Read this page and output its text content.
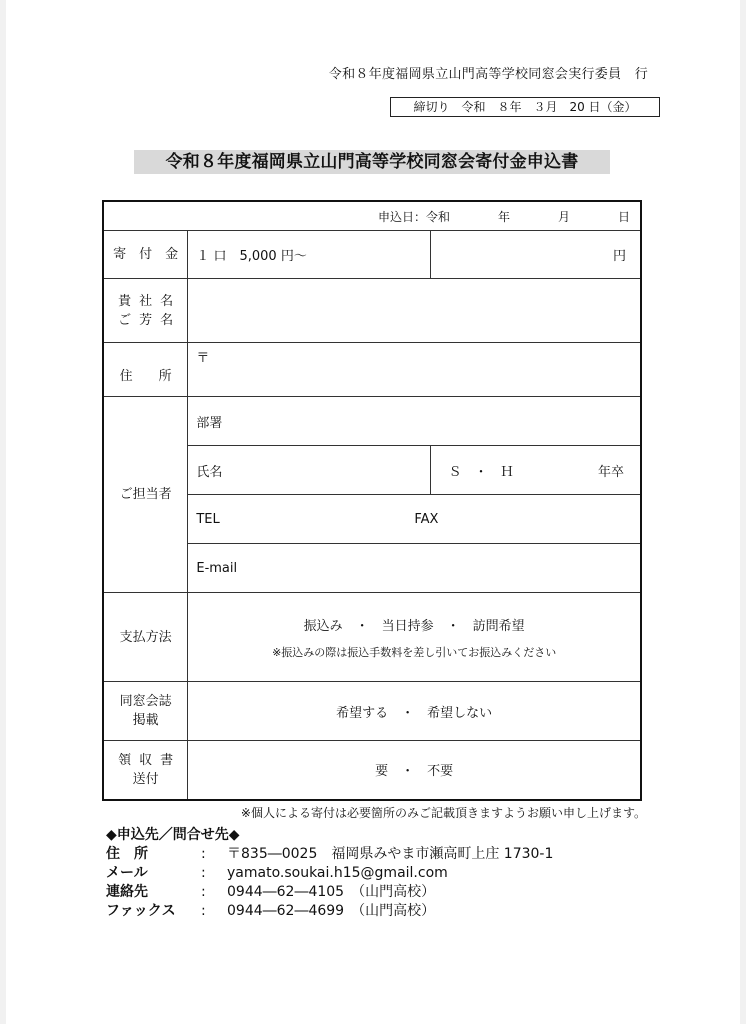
令和８年度福岡県立山門高等学校同窓会実行委員　行
締切り　令和　８年　３月　20 日（金）
令和８年度福岡県立山門高等学校同窓会寄付金申込書
申込日：令和　　　　年　　　　月　　　　日		

寄　付　金	１ 口　5,000 円～	円

貴社名
ご芳名		

住　　所	〒	

ご担当者	部署	
	氏名	Ｓ　・　Ｈ 年卒

	TEL FAX	

	E-mail	

支払方法	振込み　・　当日持参　・　訪問希望
※振込みの際は振込手数料を差し引いてお振込みください	

同窓会誌
掲載	希望する　・　希望しない	

領収書
送付	要　・　不要	
※個人による寄付は必要箇所のみご記載頂きますようお願い申し上げます。
◆申込先／問合せ先◆
住　所	:	〒835―0025　福岡県みやま市瀬高町上庄 1730-1
メール	:	yamato.soukai.h15@gmail.com
連絡先	:	0944―62―4105　（山門高校）
ファックス	:	0944―62―4699　（山門高校）
